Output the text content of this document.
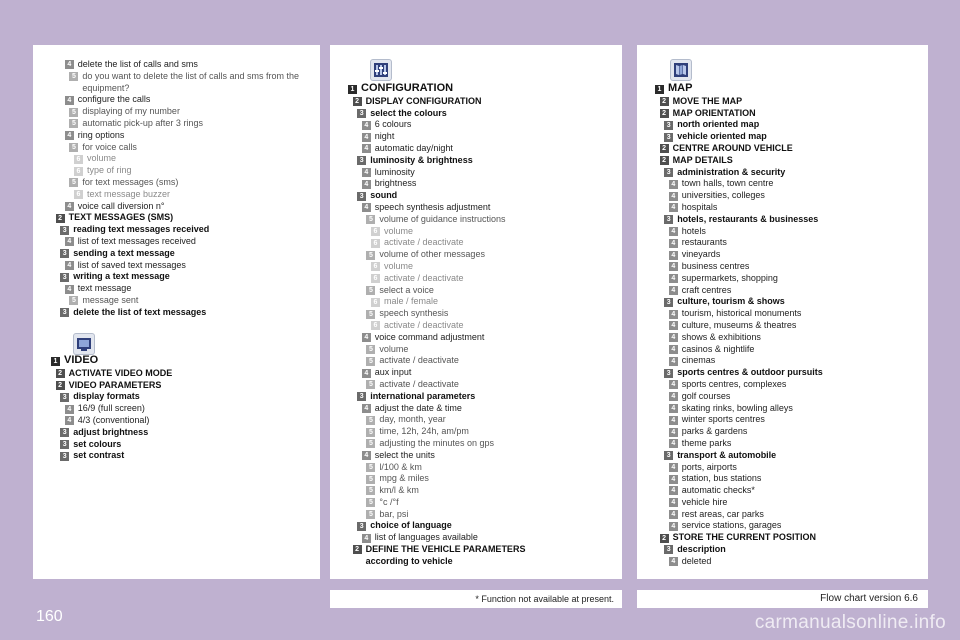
4 delete the list of calls and sms
5 do you want to delete the list of calls and sms from the
equipment?
4 configure the calls
5 displaying of my number
5 automatic pick-up after 3 rings
4 ring options
5 for voice calls
6 volume
6 type of ring
5 for text messages (sms)
6 text message buzzer
4 voice call diversion n°
2 TEXT MESSAGES (SMS)
3 reading text messages received
4 list of text messages received
3 sending a text message
4 list of saved text messages
3 writing a text message
4 text message
5 message sent
3 delete the list of text messages
1 VIDEO
2 ACTIVATE VIDEO MODE
2 VIDEO PARAMETERS
3 display formats
4 16/9 (full screen)
4 4/3 (conventional)
3 adjust brightness
3 set colours
3 set contrast
1 CONFIGURATION
2 DISPLAY CONFIGURATION
3 select the colours
4 6 colours
4 night
4 automatic day/night
3 luminosity & brightness
4 luminosity
4 brightness
3 sound
4 speech synthesis adjustment
5 volume of guidance instructions
6 volume
6 activate / deactivate
5 volume of other messages
6 volume
6 activate / deactivate
5 select a voice
6 male / female
5 speech synthesis
6 activate / deactivate
4 voice command adjustment
5 volume
5 activate / deactivate
4 aux input
5 activate / deactivate
3 international parameters
4 adjust the date & time
5 day, month, year
5 time, 12h, 24h, am/pm
5 adjusting the minutes on gps
4 select the units
5 l/100 & km
5 mpg & miles
5 km/l & km
5 °c /°f
5 bar, psi
3 choice of language
4 list of languages available
2 DEFINE THE VEHICLE PARAMETERS
according to vehicle
1 MAP
2 MOVE THE MAP
2 MAP ORIENTATION
3 north oriented map
3 vehicle oriented map
2 CENTRE AROUND VEHICLE
2 MAP DETAILS
3 administration & security
4 town halls, town centre
4 universities, colleges
4 hospitals
3 hotels, restaurants & businesses
4 hotels
4 restaurants
4 vineyards
4 business centres
4 supermarkets, shopping
4 craft centres
3 culture, tourism & shows
4 tourism, historical monuments
4 culture, museums & theatres
4 shows & exhibitions
4 casinos & nightlife
4 cinemas
3 sports centres & outdoor pursuits
4 sports centres, complexes
4 golf courses
4 skating rinks, bowling alleys
4 winter sports centres
4 parks & gardens
4 theme parks
3 transport & automobile
4 ports, airports
4 station, bus stations
4 automatic checks*
4 vehicle hire
4 rest areas, car parks
4 service stations, garages
2 STORE THE CURRENT POSITION
3 description
4 deleted
* Function not available at present.	Flow chart version 6.6
160	carmanualsonline.info
